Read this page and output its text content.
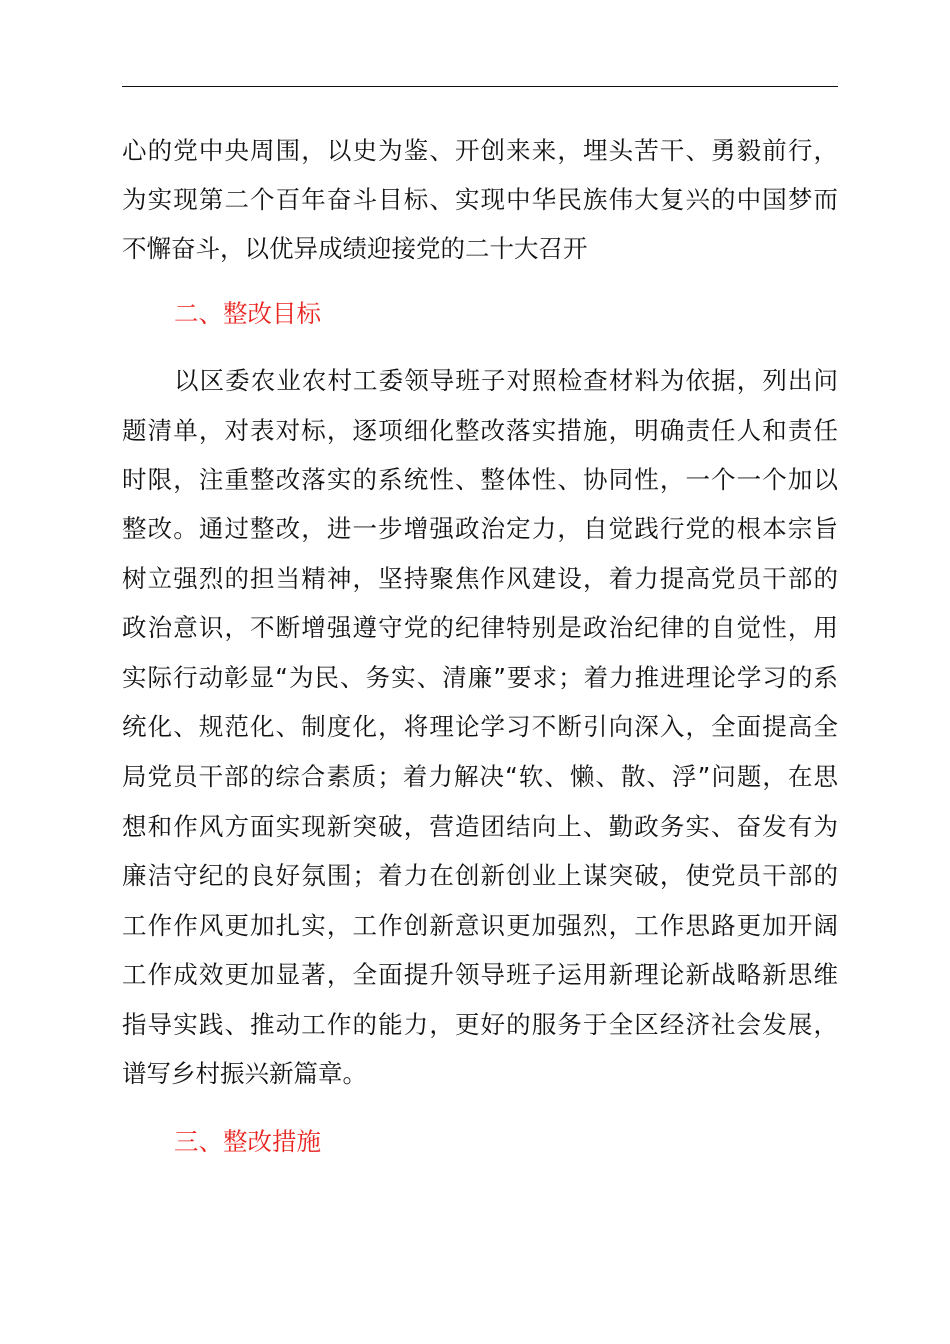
心的党中央周围，以史为鉴、开创来来，埋头苦干、勇毅前行，
为实现第二个百年奋斗目标、实现中华民族伟大复兴的中国梦而
不懈奋斗，以优异成绩迎接党的二十大召开
二、整改目标
以区委农业农村工委领导班子对照检查材料为依据，列出问
题清单，对表对标，逐项细化整改落实措施，明确责任人和责任
时限，注重整改落实的系统性、整体性、协同性，一个一个加以
整改。通过整改，进一步增强政治定力，自觉践行党的根本宗旨
树立强烈的担当精神，坚持聚焦作风建设，着力提高党员干部的
政治意识，不断增强遵守党的纪律特别是政治纪律的自觉性，用
实际行动彰显“为民、务实、清廉”要求；着力推进理论学习的系
统化、规范化、制度化，将理论学习不断引向深入，全面提高全
局党员干部的综合素质；着力解决“软、懒、散、浮”问题，在思
想和作风方面实现新突破，营造团结向上、勤政务实、奋发有为
廉洁守纪的良好氛围；着力在创新创业上谋突破，使党员干部的
工作作风更加扎实，工作创新意识更加强烈，工作思路更加开阔
工作成效更加显著，全面提升领导班子运用新理论新战略新思维
指导实践、推动工作的能力，更好的服务于全区经济社会发展，
谱写乡村振兴新篇章。
三、整改措施
